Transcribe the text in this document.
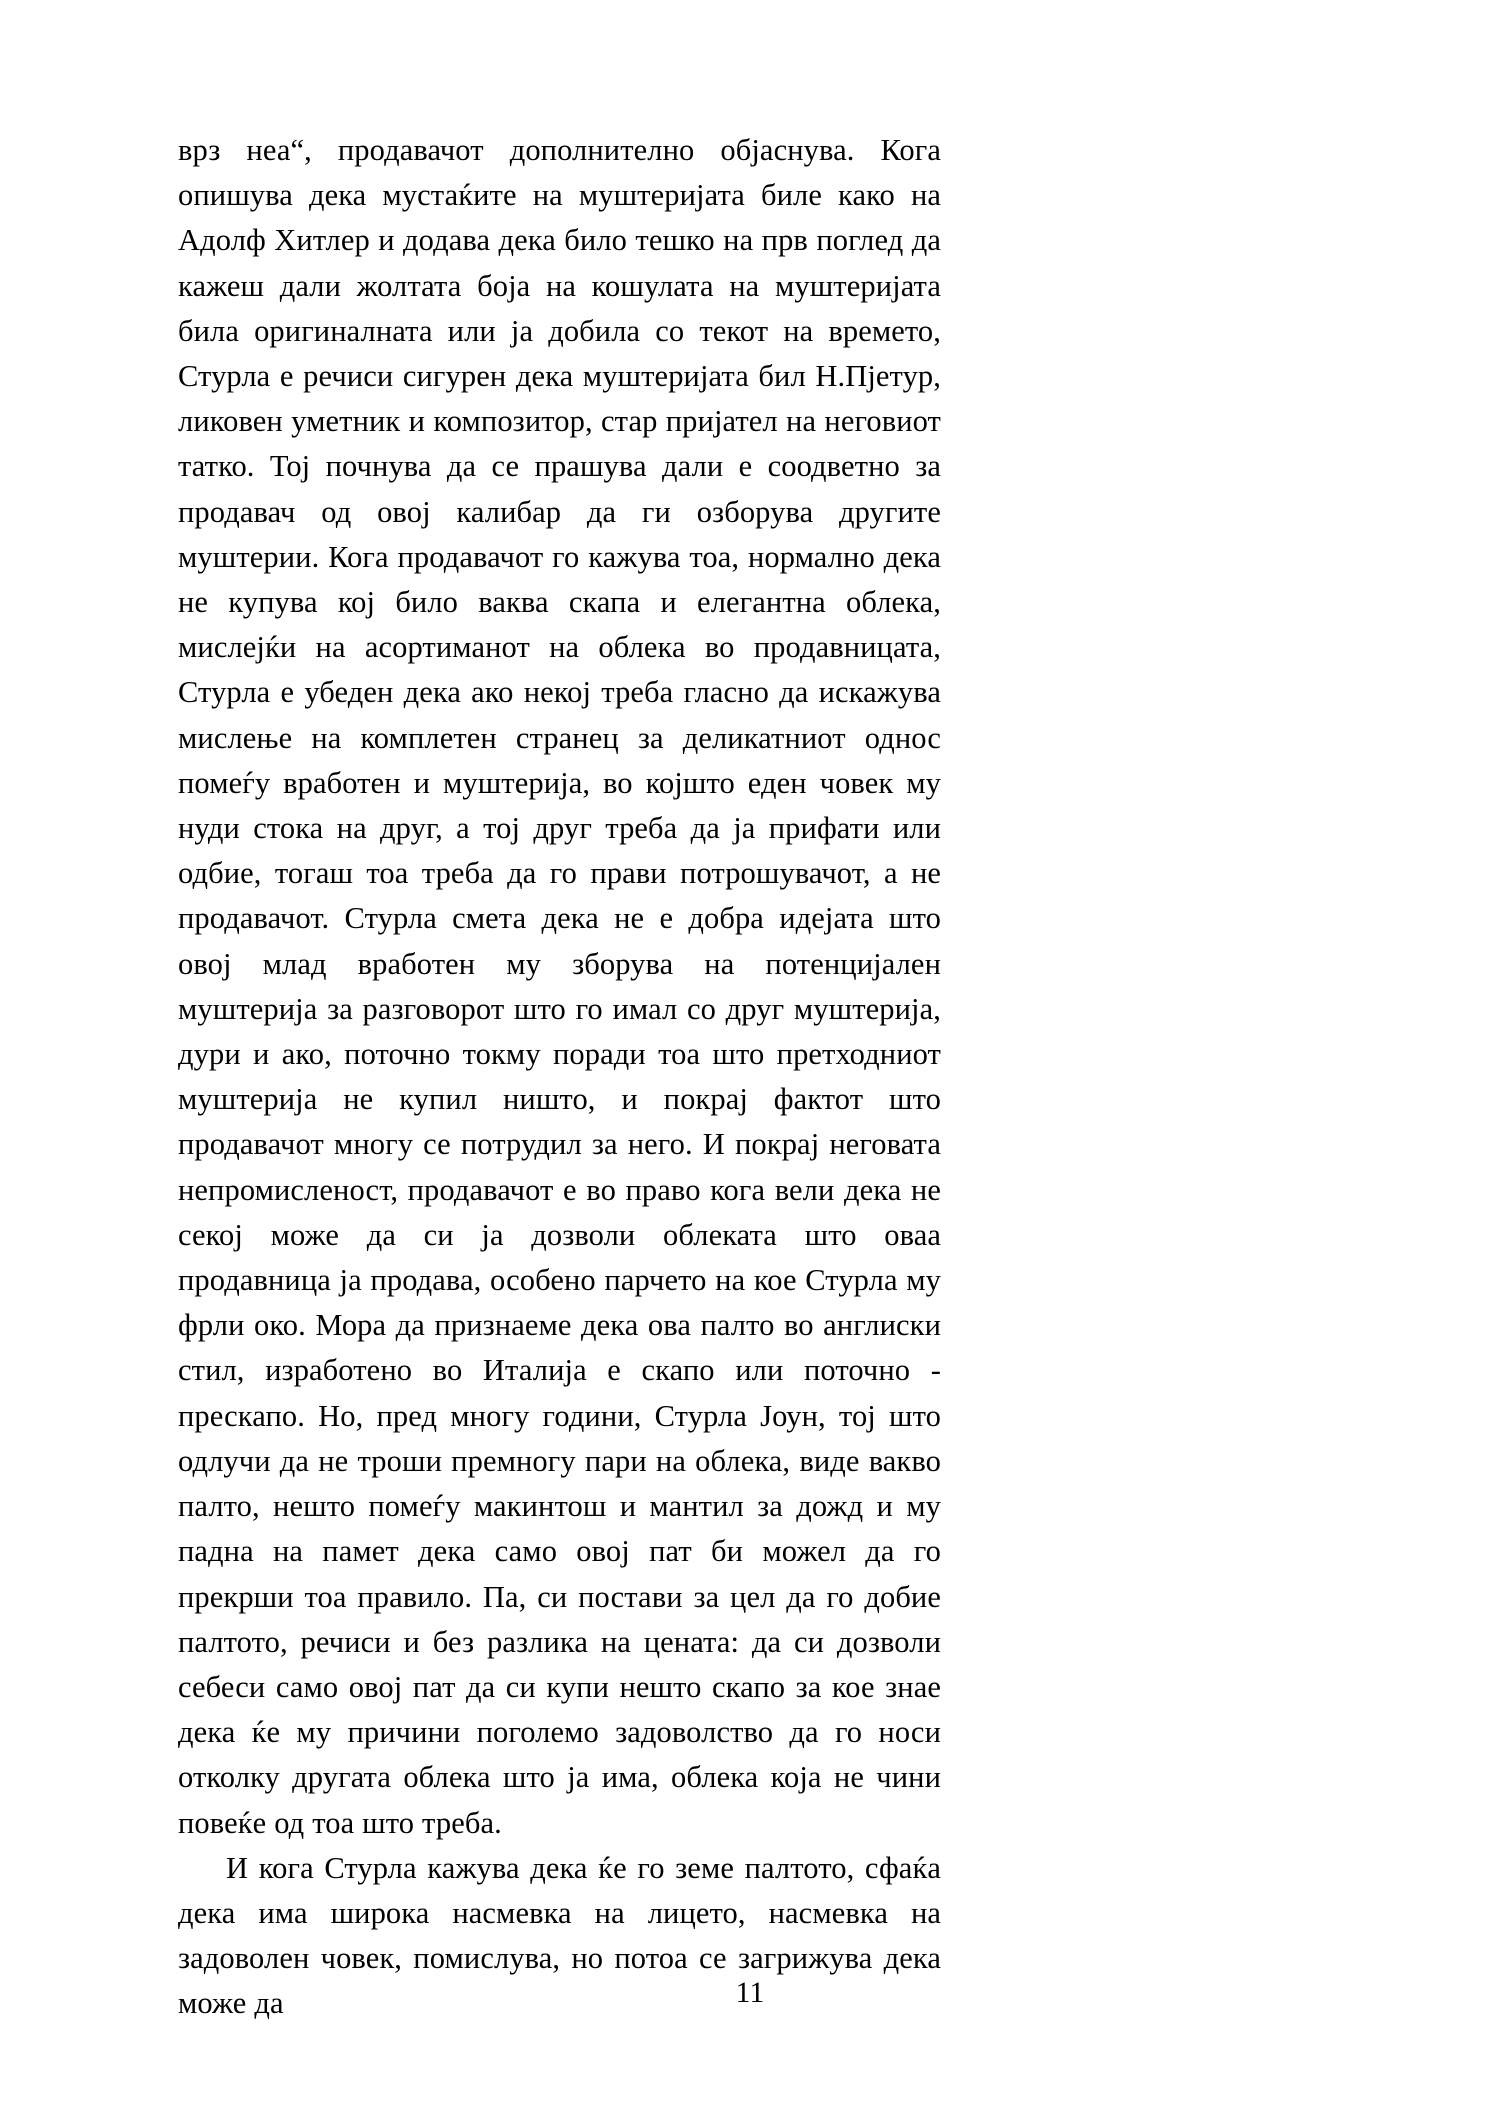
врз неа“, продавачот дополнително објаснува. Кога опишува дека мустаќите на муштеријата биле како на Адолф Хитлер и додава дека било тешко на прв поглед да кажеш дали жолтата боја на кошулата на муштеријата била оригиналната или ја добила со текот на времето, Стурла е речиси сигурен дека муштеријата бил Н.Пјетур, ликовен уметник и композитор, стар пријател на неговиот татко. Тој почнува да се прашува дали е соодветно за продавач од овој калибар да ги озборува другите муштерии. Кога продавачот го кажува тоа, нормално дека не купува кој било ваква скапа и елегантна облека, мислејќи на асортиманот на облека во продавницата, Стурла е убеден дека ако некој треба гласно да искажува мислење на комплетен странец за деликатниот однос помеѓу вработен и муштерија, во којшто еден човек му нуди стока на друг, а тој друг треба да ја прифати или одбие, тогаш тоа треба да го прави потрошувачот, а не продавачот. Стурла смета дека не е добра идејата што овој млад вработен му зборува на потенцијален муштерија за разговорот што го имал со друг муштерија, дури и ако, поточно токму поради тоа што претходниот муштерија не купил ништо, и покрај фактот што продавачот многу се потрудил за него. И покрај неговата непромисленост, продавачот е во право кога вели дека не секој може да си ја дозволи облеката што оваа продавница ја продава, особено парчето на кое Стурла му фрли око. Мора да признаеме дека ова палто во англиски стил, изработено во Италија е скапо или поточно - прескапо. Но, пред многу години, Стурла Јоун, тој што одлучи да не троши премногу пари на облека, виде вакво палто, нешто помеѓу макинтош и мантил за дожд и му падна на памет дека само овој пат би можел да го прекрши тоа правило. Па, си постави за цел да го добие палтото, речиси и без разлика на цената: да си дозволи себеси само овој пат да си купи нешто скапо за кое знае дека ќе му причини поголемо задоволство да го носи отколку другата облека што ја има, облека која не чини повеќе од тоа што треба.

И кога Стурла кажува дека ќе го земе палтото, сфаќа дека има широка насмевка на лицето, насмевка на задоволен човек, помислува, но потоа се загрижува дека може да	11
